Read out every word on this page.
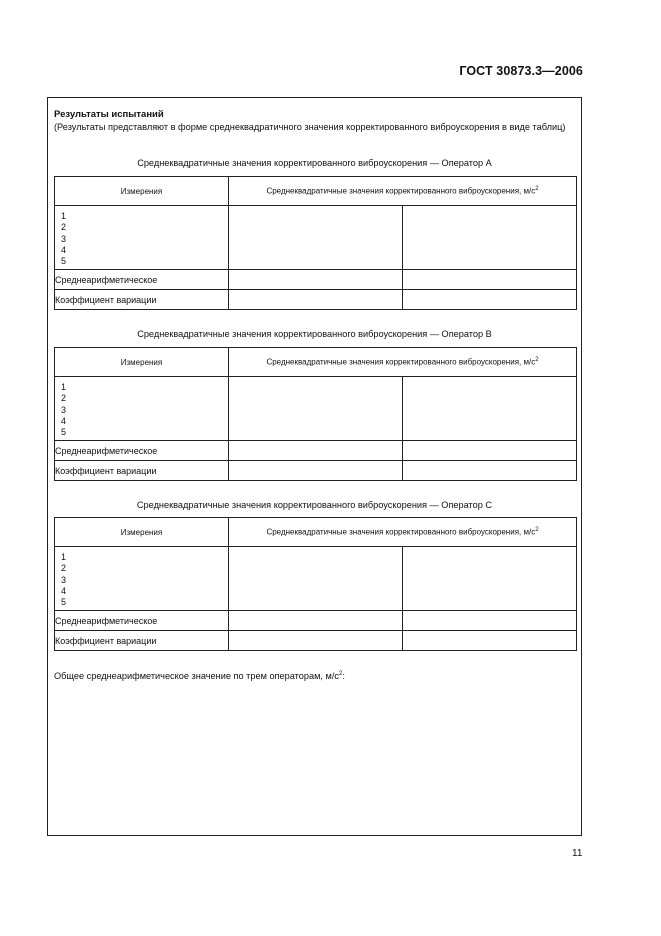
ГОСТ 30873.3—2006
Результаты испытаний
(Результаты представляют в форме среднеквадратичного значения корректированного виброускорения в виде таблиц)
Среднеквадратичные значения корректированного виброускорения — Оператор А
Измерения	Среднеквадратичные значения корректированного виброускорения, $м/с^2$

1
2
3
4
5		

Среднеарифметическое		
Коэффициент вариации		
Среднеквадратичные значения корректированного виброускорения — Оператор В
Измерения	Среднеквадратичные значения корректированного виброускорения, $м/с^2$

1
2
3
4
5		

Среднеарифметическое		
Коэффициент вариации		
Среднеквадратичные значения корректированного виброускорения — Оператор С
Измерения	Среднеквадратичные значения корректированного виброускорения, $м/с^2$

1
2
3
4
5		

Среднеарифметическое		
Коэффициент вариации		
Общее среднеарифметическое значение по трем операторам, $м/с^2$:
11
